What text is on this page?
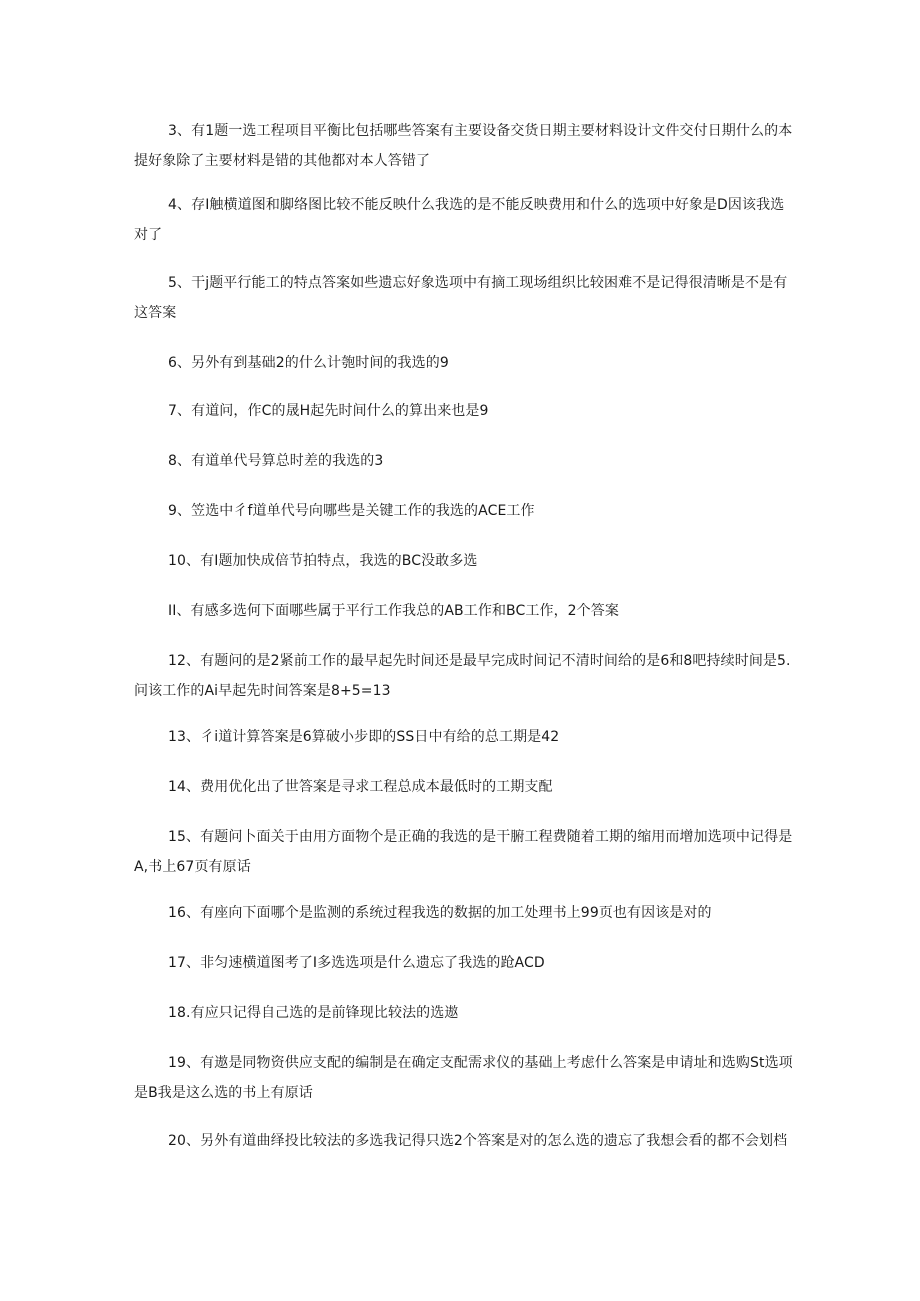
3、有1题一选工程项目平衡比包括哪些答案有主要设备交货日期主要材料设计文件交付日期什么的本提好象除了主要材料是错的其他都对本人答错了

4、存I触横道图和脚络图比较不能反映什么我选的是不能反映费用和什么的选项中好象是D因该我选对了

5、干j题平行能工的特点答案如些遗忘好象选项中有摘工现场组织比较困难不是记得很清晰是不是有这答案

6、另外有到基础2的什么计匏时间的我选的9

7、有道问，作C的晟H起先时间什么的算出来也是9

8、有道单代号算总时差的我选的3

9、笠选中彳f道单代号向哪些是关键工作的我选的ACE工作

10、有I题加快成倍节拍特点，我选的BC没敢多选

II、有感多选何下面哪些属于平行工作我总的AB工作和BC工作，2个答案

12、有题问的是2紧前工作的最早起先时间还是最早完成时间记不清时间给的是6和8吧持续时间是5. 问该工作的Ai早起先时间答案是8+5=13

13、彳i道计算答案是6算破小步即的SS日中有给的总工期是42

14、费用优化出了世答案是寻求工程总成本最低时的工期支配

15、有题问卜面关于由用方面物个是正确的我选的是干腑工程费随着工期的缩用而增加选项中记得是A,书上67页有原话

16、有座向下面哪个是监测的系统过程我选的数据的加工处理书上99页也有因该是对的

17、非匀速横道图考了I多选选项是什么遗忘了我选的跄ACD

18.有应只记得自己选的是前锋现比较法的选遨

19、有遨是同物资供应支配的编制是在确定支配需求仪的基础上考虑什么答案是申请址和选购St选项是B我是这么选的书上有原话

20、另外有道曲绎投比较法的多选我记得只选2个答案是对的怎么选的遗忘了我想会看的都不会划档
